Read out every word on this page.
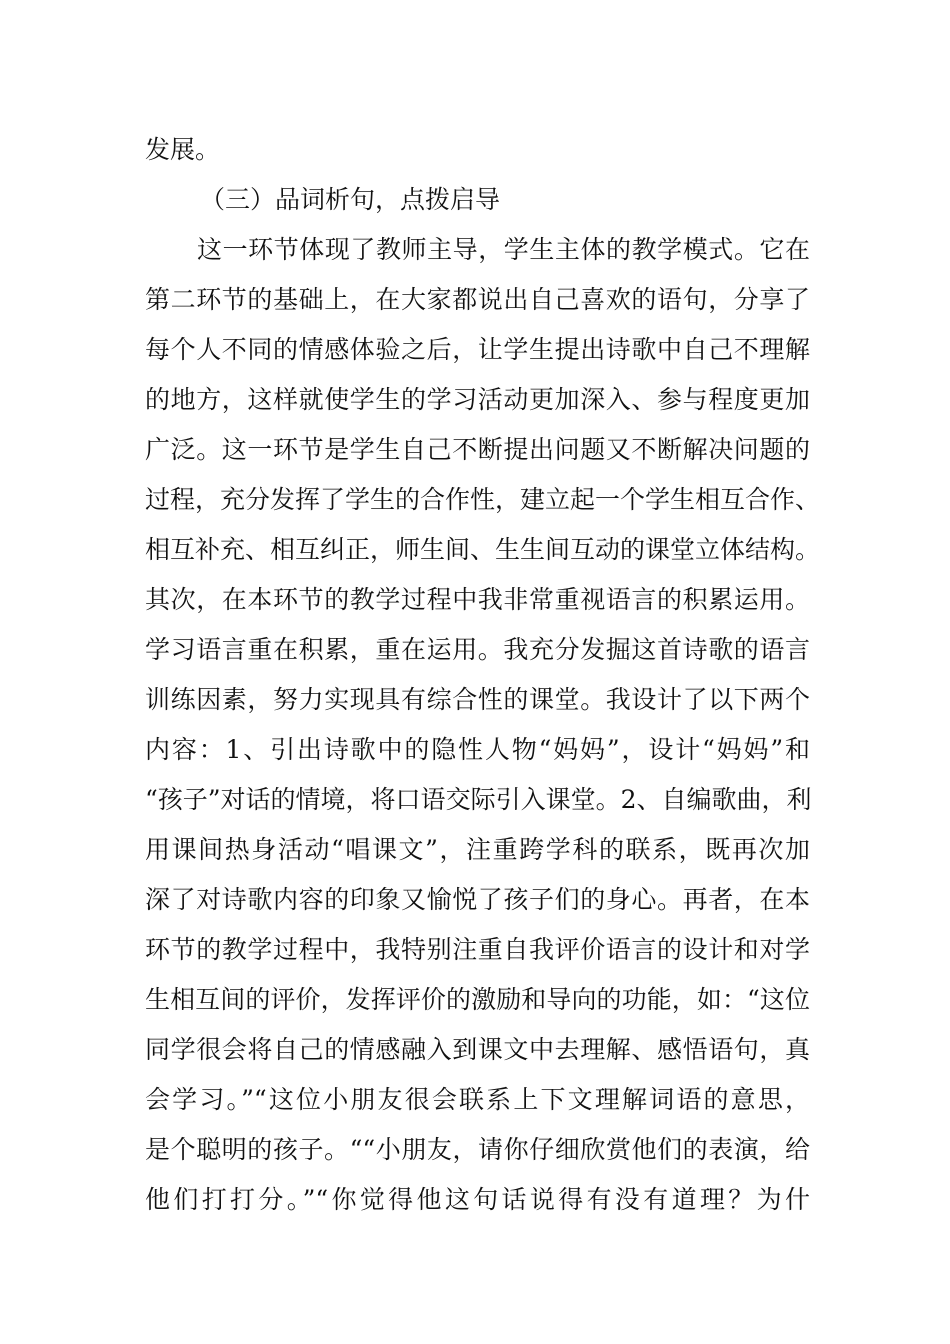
发展。
（三）品词析句，点拨启导
这一环节体现了教师主导，学生主体的教学模式。它在
第二环节的基础上，在大家都说出自己喜欢的语句，分享了
每个人不同的情感体验之后，让学生提出诗歌中自己不理解
的地方，这样就使学生的学习活动更加深入、参与程度更加
广泛。这一环节是学生自己不断提出问题又不断解决问题的
过程，充分发挥了学生的合作性，建立起一个学生相互合作、
相互补充、相互纠正，师生间、生生间互动的课堂立体结构。
其次，在本环节的教学过程中我非常重视语言的积累运用。
学习语言重在积累，重在运用。我充分发掘这首诗歌的语言
训练因素，努力实现具有综合性的课堂。我设计了以下两个
内容：1、引出诗歌中的隐性人物“妈妈”，设计“妈妈”和
“孩子”对话的情境，将口语交际引入课堂。2、自编歌曲，利
用课间热身活动“唱课文”，注重跨学科的联系，既再次加
深了对诗歌内容的印象又愉悦了孩子们的身心。再者，在本
环节的教学过程中，我特别注重自我评价语言的设计和对学
生相互间的评价，发挥评价的激励和导向的功能，如：“这位
同学很会将自己的情感融入到课文中去理解、感悟语句，真
会学习。”“这位小朋友很会联系上下文理解词语的意思，
是个聪明的孩子。““小朋友，请你仔细欣赏他们的表演，给
他们打打分。”“你觉得他这句话说得有没有道理？为什
